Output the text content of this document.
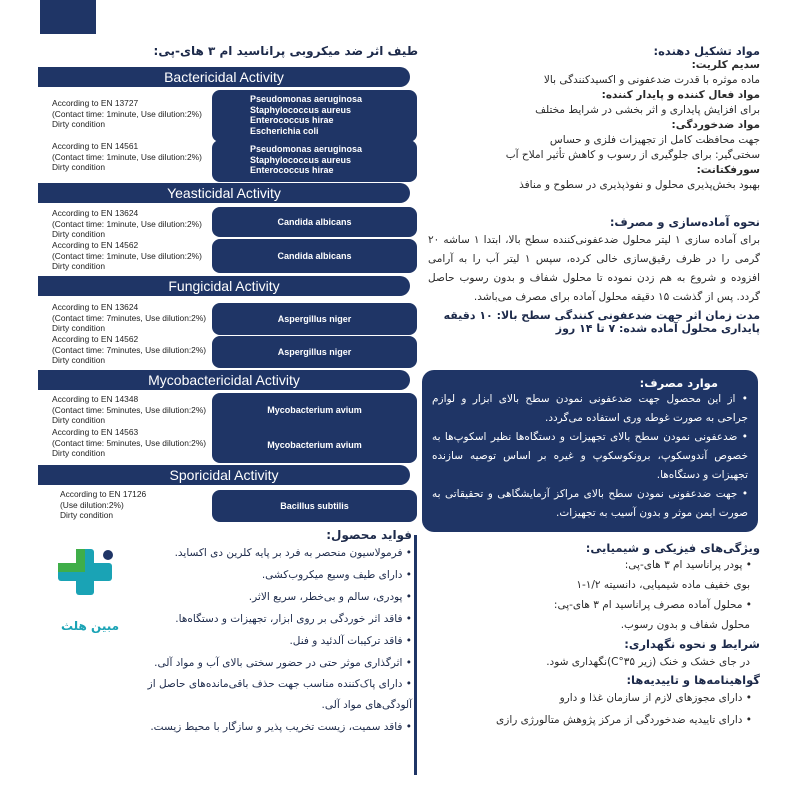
طیف اثر ضد میکروبی پراناسید ام ۳ های-پی:
Bactericidal Activity
According to EN 13727
(Contact time: 1minute, Use dilution:2%)
Dirty condition
Pseudomonas aeruginosa
Staphylococcus aureus
Enterococcus hirae
Escherichia coli
According to EN 14561
(Contact time: 1minute, Use dilution:2%)
Dirty condition
Pseudomonas aeruginosa
Staphylococcus aureus
Enterococcus hirae
Yeasticidal Activity
According to EN 13624
(Contact time: 1minute, Use dilution:2%)
Dirty condition
Candida albicans
According to EN 14562
(Contact time: 1minute, Use dilution:2%)
Dirty condition
Candida albicans
Fungicidal Activity
According to EN 13624
(Contact time: 7minutes, Use dilution:2%)
Dirty condition
Aspergillus niger
According to EN 14562
(Contact time: 7minutes, Use dilution:2%)
Dirty condition
Aspergillus niger
Mycobactericidal Activity
According to EN 14348
(Contact time: 5minutes, Use dilution:2%)
Dirty condition
Mycobacterium avium
Mycobacterium avium
According to EN 14563
(Contact time: 5minutes, Use dilution:2%)
Dirty condition
Sporicidal Activity
According to EN 17126
(Use dilution:2%)
Dirty condition
Bacillus subtilis
مبین هلث
فواید محصول:
• فرمولاسیون منحصر به فرد بر پایه کلرین دی اکساید.
• دارای طیف وسیع میکروب‌کشی.
• پودری، سالم و بی‌خطر، سریع الاثر.
• فاقد اثر خوردگی بر روی ابزار، تجهیزات و دستگاه‌ها.
• فاقد ترکیبات آلدئید و فنل.
• اثرگذاری موثر حتی در حضور سختی بالای آب و مواد آلی.
• دارای پاک‌کننده مناسب جهت حذف باقی‌مانده‌های حاصل از آلودگی‌های مواد آلی.
• فاقد سمیت، زیست تخریب پذیر و سازگار با محیط زیست.
مواد تشکیل دهنده:
سدیم کلریت:
ماده موثره با قدرت ضدعفونی و اکسیدکنندگی بالا
مواد فعال کننده و پایدار کننده:
برای افزایش پایداری و اثر بخشی در شرایط مختلف
مواد ضدخوردگی:
جهت محافظت کامل از تجهیزات فلزی و حساس
سختی‌گیر: برای جلوگیری از رسوب و کاهش تأثیر املاح آب
سورفکتانت:
بهبود بخش‌پذیری محلول و نفوذپذیری در سطوح و منافذ
نحوه آماده‌سازی و مصرف:
برای آماده سازی ۱ لیتر محلول ضدعفونی‌کننده سطح بالا، ابتدا ۱ ساشه ۲۰ گرمی را در ظرف رقیق‌سازی خالی کرده، سپس ۱ لیتر آب را به آرامی افزوده و شروع به هم زدن نموده تا محلول شفاف و بدون رسوب حاصل گردد. پس از گذشت ۱۵ دقیقه محلول آماده برای مصرف می‌باشد.
مدت زمان اثر جهت ضدعفونی کنندگی سطح بالا: ۱۰ دقیقه
پایداری محلول آماده شده: ۷ تا ۱۴ روز
موارد مصرف:
• از این محصول جهت ضدعفونی نمودن سطح بالای ابزار و لوازم جراحی به صورت غوطه وری استفاده می‌گردد.
• ضدعفونی نمودن سطح بالای تجهیزات و دستگاه‌ها نظیر اسکوپ‌ها به خصوص آندوسکوپ، برونکوسکوپ و غیره بر اساس توصیه سازنده تجهیزات و دستگاه‌ها.
• جهت ضدعفونی نمودن سطح بالای مراکز آزمایشگاهی و تحقیقاتی به صورت ایمن موثر و بدون آسیب به تجهیزات.
ویژگی‌های فیزیکی و شیمیایی:
• پودر پراناسید ام ۳ های-پی:
بوی خفیف ماده شیمیایی، دانسیته ۱/۲-۱
• محلول آماده مصرف پراناسید ام ۳ های-پی:
محلول شفاف و بدون رسوب.
شرایط و نحوه نگهداری:
در جای خشک و خنک (زیر ۳۵°C)نگهداری شود.
گواهینامه‌ها و تاییدیه‌ها:
• دارای مجوزهای لازم از سازمان غذا و دارو
• دارای تاییدیه ضدخوردگی از مرکز پژوهش متالورژی رازی
